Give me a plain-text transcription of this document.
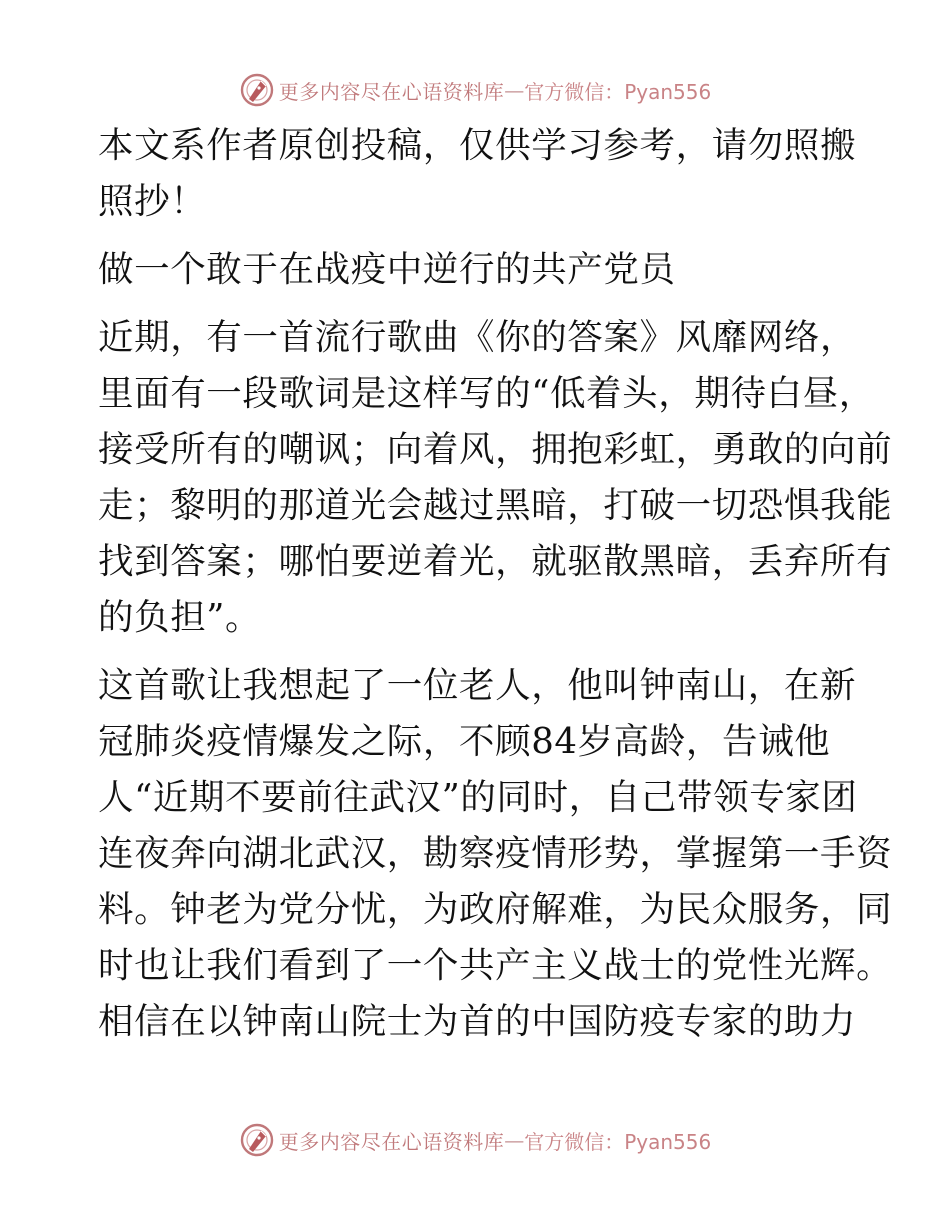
更多内容尽在心语资料库 — 官方微信：Pyan556

本文系作者原创投稿，仅供学习参考，请勿照搬
照抄！

做一个敢于在战疫中逆行的共产党员

近期，有一首流行歌曲《你的答案》风靡网络，
里面有一段歌词是这样写的“低着头，期待白昼，
接受所有的嘲讽；向着风，拥抱彩虹，勇敢的向前
走；黎明的那道光会越过黑暗，打破一切恐惧我能
找到答案；哪怕要逆着光，就驱散黑暗，丢弃所有
的负担”。

这首歌让我想起了一位老人，他叫钟南山，在新
冠肺炎疫情爆发之际，不顾84岁高龄，告诫他
人“近期不要前往武汉”的同时，自己带领专家团
连夜奔向湖北武汉，勘察疫情形势，掌握第一手资
料。钟老为党分忧，为政府解难，为民众服务，同
时也让我们看到了一个共产主义战士的党性光辉。
相信在以钟南山院士为首的中国防疫专家的助力

更多内容尽在心语资料库 — 官方微信：Pyan556
